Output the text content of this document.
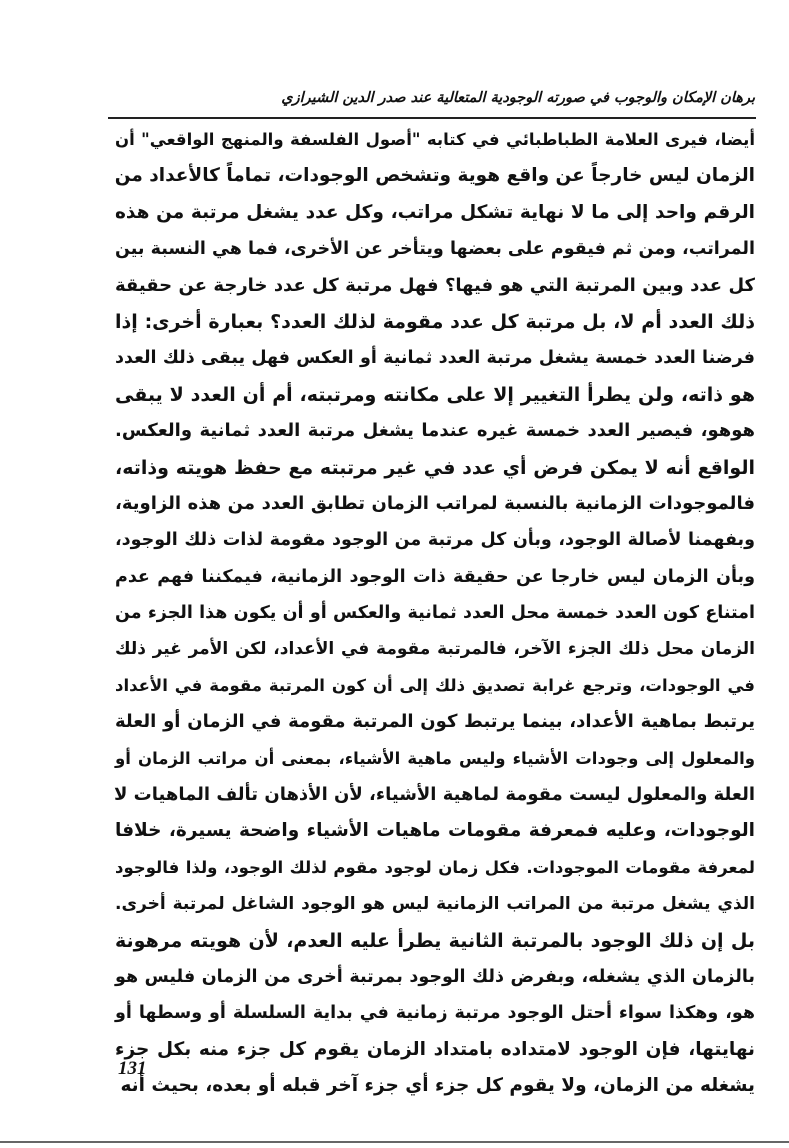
برهان الإمكان والوجوب في صورته الوجودية المتعالية عند صدر الدين الشيرازي
أيضا، فيرى العلامة الطباطبائي في كتابه "أصول الفلسفة والمنهج الواقعي" أن
الزمان ليس خارجاً عن واقع هوية وتشخص الوجودات، تماماً كالأعداد من
الرقم واحد إلى ما لا نهاية تشكل مراتب، وكل عدد يشغل مرتبة من هذه
المراتب، ومن ثم فيقوم على بعضها ويتأخر عن الأخرى، فما هي النسبة بين
كل عدد وبين المرتبة التي هو فيها؟ فهل مرتبة كل عدد خارجة عن حقيقة
ذلك العدد أم لا، بل مرتبة كل عدد مقومة لذلك العدد؟ بعبارة أخرى: إذا
فرضنا العدد خمسة يشغل مرتبة العدد ثمانية أو العكس فهل يبقى ذلك العدد
هو ذاته، ولن يطرأ التغيير إلا على مكانته ومرتبته، أم أن العدد لا يبقى
هوهو، فيصير العدد خمسة غيره عندما يشغل مرتبة العدد ثمانية والعكس.
الواقع أنه لا يمكن فرض أي عدد في غير مرتبته مع حفظ هويته وذاته،
فالموجودات الزمانية بالنسبة لمراتب الزمان تطابق العدد من هذه الزاوية،
وبفهمنا لأصالة الوجود، وبأن كل مرتبة من الوجود مقومة لذات ذلك الوجود،
وبأن الزمان ليس خارجا عن حقيقة ذات الوجود الزمانية، فيمكننا فهم عدم
امتناع كون العدد خمسة محل العدد ثمانية والعكس أو أن يكون هذا الجزء من
الزمان محل ذلك الجزء الآخر، فالمرتبة مقومة في الأعداد، لكن الأمر غير ذلك
في الوجودات، وترجع غرابة تصديق ذلك إلى أن كون المرتبة مقومة في الأعداد
يرتبط بماهية الأعداد، بينما يرتبط كون المرتبة مقومة في الزمان أو العلة
والمعلول إلى وجودات الأشياء وليس ماهية الأشياء، بمعنى أن مراتب الزمان أو
العلة والمعلول ليست مقومة لماهية الأشياء، لأن الأذهان تألف الماهيات لا
الوجودات، وعليه فمعرفة مقومات ماهيات الأشياء واضحة يسيرة، خلافا
لمعرفة مقومات الموجودات. فكل زمان لوجود مقوم لذلك الوجود، ولذا فالوجود
الذي يشغل مرتبة من المراتب الزمانية ليس هو الوجود الشاغل لمرتبة أخرى.
بل إن ذلك الوجود بالمرتبة الثانية يطرأ عليه العدم، لأن هويته مرهونة
بالزمان الذي يشغله، وبفرض ذلك الوجود بمرتبة أخرى من الزمان فليس هو
هو، وهكذا سواء أحتل الوجود مرتبة زمانية في بداية السلسلة أو وسطها أو
نهايتها، فإن الوجود لامتداده بامتداد الزمان يقوم كل جزء منه بكل جزء
يشغله من الزمان، ولا يقوم كل جزء أي جزء آخر قبله أو بعده، بحيث أنه
131
